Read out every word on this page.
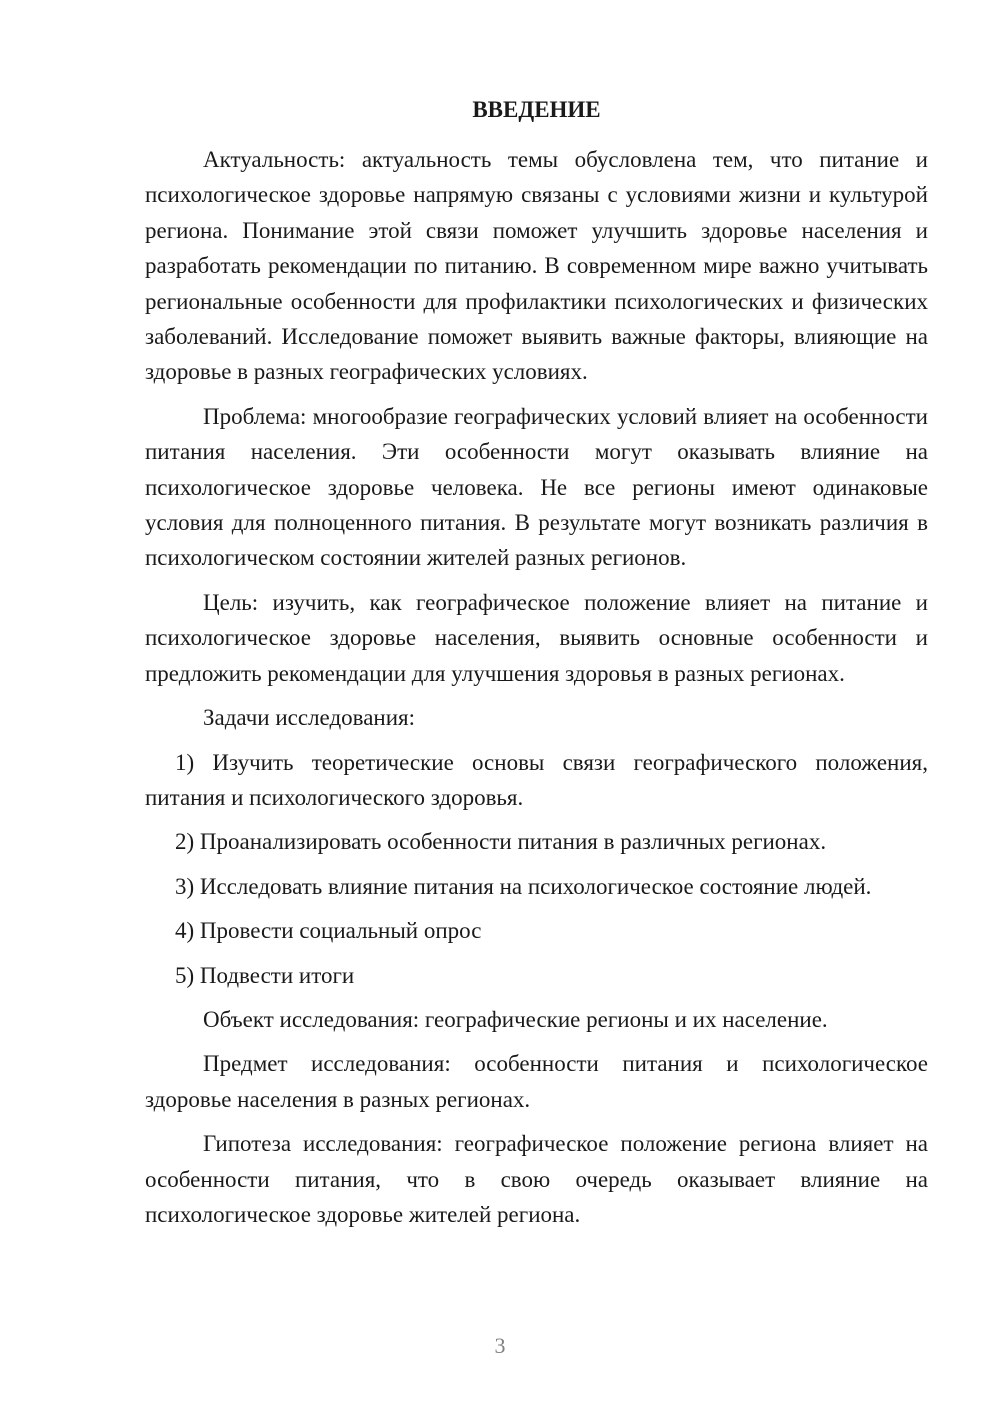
ВВЕДЕНИЕ

Актуальность: актуальность темы обусловлена тем, что питание и психологическое здоровье напрямую связаны с условиями жизни и культурой региона. Понимание этой связи поможет улучшить здоровье населения и разработать рекомендации по питанию. В современном мире важно учитывать региональные особенности для профилактики психологических и физических заболеваний. Исследование поможет выявить важные факторы, влияющие на здоровье в разных географических условиях.

Проблема: многообразие географических условий влияет на особенности питания населения. Эти особенности могут оказывать влияние на психологическое здоровье человека. Не все регионы имеют одинаковые условия для полноценного питания. В результате могут возникать различия в психологическом состоянии жителей разных регионов.

Цель: изучить, как географическое положение влияет на питание и психологическое здоровье населения, выявить основные особенности и предложить рекомендации для улучшения здоровья в разных регионах.

Задачи исследования:

1) Изучить теоретические основы связи географического положения, питания и психологического здоровья.

2) Проанализировать особенности питания в различных регионах.

3) Исследовать влияние питания на психологическое состояние людей.

4) Провести социальный опрос

5) Подвести итоги

Объект исследования: географические регионы и их население.

Предмет исследования: особенности питания и психологическое здоровье населения в разных регионах.

Гипотеза исследования: географическое положение региона влияет на особенности питания, что в свою очередь оказывает влияние на психологическое здоровье жителей региона.

3
